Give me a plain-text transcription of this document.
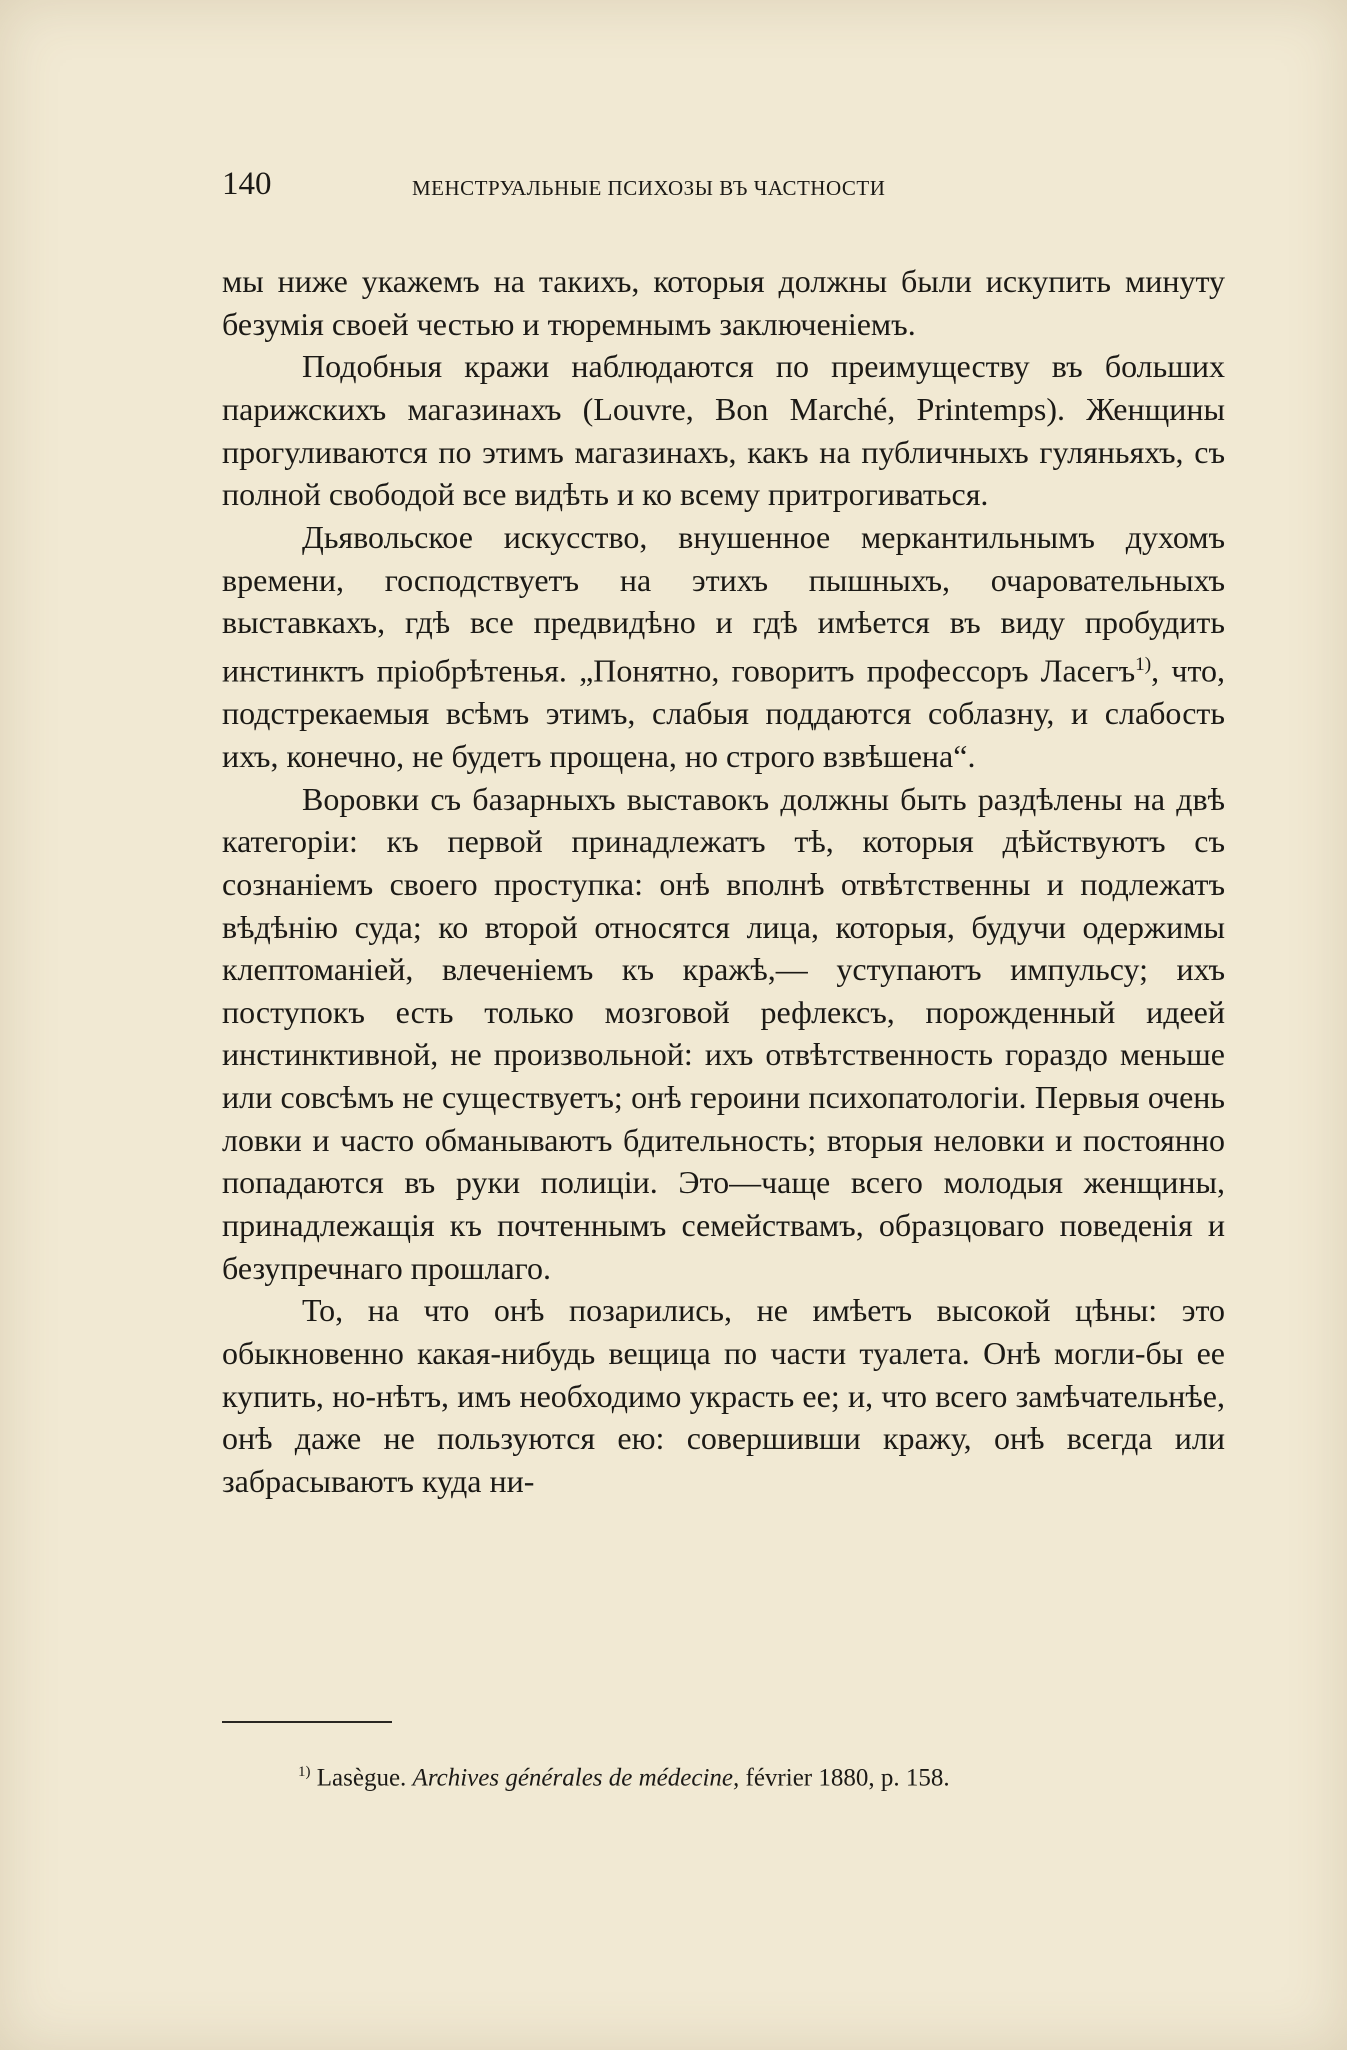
140	МЕНСТРУАЛЬНЫЕ ПСИХОЗЫ ВЪ ЧАСТНОСТИ

мы ниже укажемъ на такихъ, которыя должны были искупить минуту безумія своей честью и тюремнымъ заключеніемъ.

Подобныя кражи наблюдаются по преимуществу въ больших парижскихъ магазинахъ (Louvre, Bon Marché, Printemps). Женщины прогуливаются по этимъ магазинахъ, какъ на публичныхъ гуляньяхъ, съ полной свободой все видѣть и ко всему притрогиваться.

Дьявольское искусство, внушенное меркантильнымъ духомъ времени, господствуетъ на этихъ пышныхъ, очаровательныхъ выставкахъ, гдѣ все предвидѣно и гдѣ имѣется въ виду пробудить инстинктъ пріобрѣтенья. „Понятно, говоритъ профессоръ Ласегъ$^{1)}$, что, подстрекаемыя всѣмъ этимъ, слабыя поддаются соблазну, и слабость ихъ, конечно, не будетъ прощена, но строго взвѣшена“.

Воровки съ базарныхъ выставокъ должны быть раздѣлены на двѣ категоріи: къ первой принадлежатъ тѣ, которыя дѣйствуютъ съ сознаніемъ своего проступка: онѣ вполнѣ отвѣтственны и подлежатъ вѣдѣнію суда; ко второй относятся лица, которыя, будучи одержимы клептоманіей, влеченіемъ къ кражѣ,— уступаютъ импульсу; ихъ поступокъ есть только мозговой рефлексъ, порожденный идеей инстинктивной, не произвольной: ихъ отвѣтственность гораздо меньше или совсѣмъ не существуетъ; онѣ героини психопатологіи. Первыя очень ловки и часто обманываютъ бдительность; вторыя неловки и постоянно попадаются въ руки полиціи. Это—чаще всего молодыя женщины, принадлежащія къ почтеннымъ семействамъ, образцоваго поведенія и безупречнаго прошлаго.

То, на что онѣ позарились, не имѣетъ высокой цѣны: это обыкновенно какая-нибудь вещица по части туалета. Онѣ могли-бы ее купить, но-нѣтъ, имъ необходимо украсть ее; и, что всего замѣчательнѣе, онѣ даже не пользуются ею: совершивши кражу, онѣ всегда или забрасываютъ куда ни-

$^{1)}$ Lasègue. Archives générales de médecine, février 1880, p. 158.
